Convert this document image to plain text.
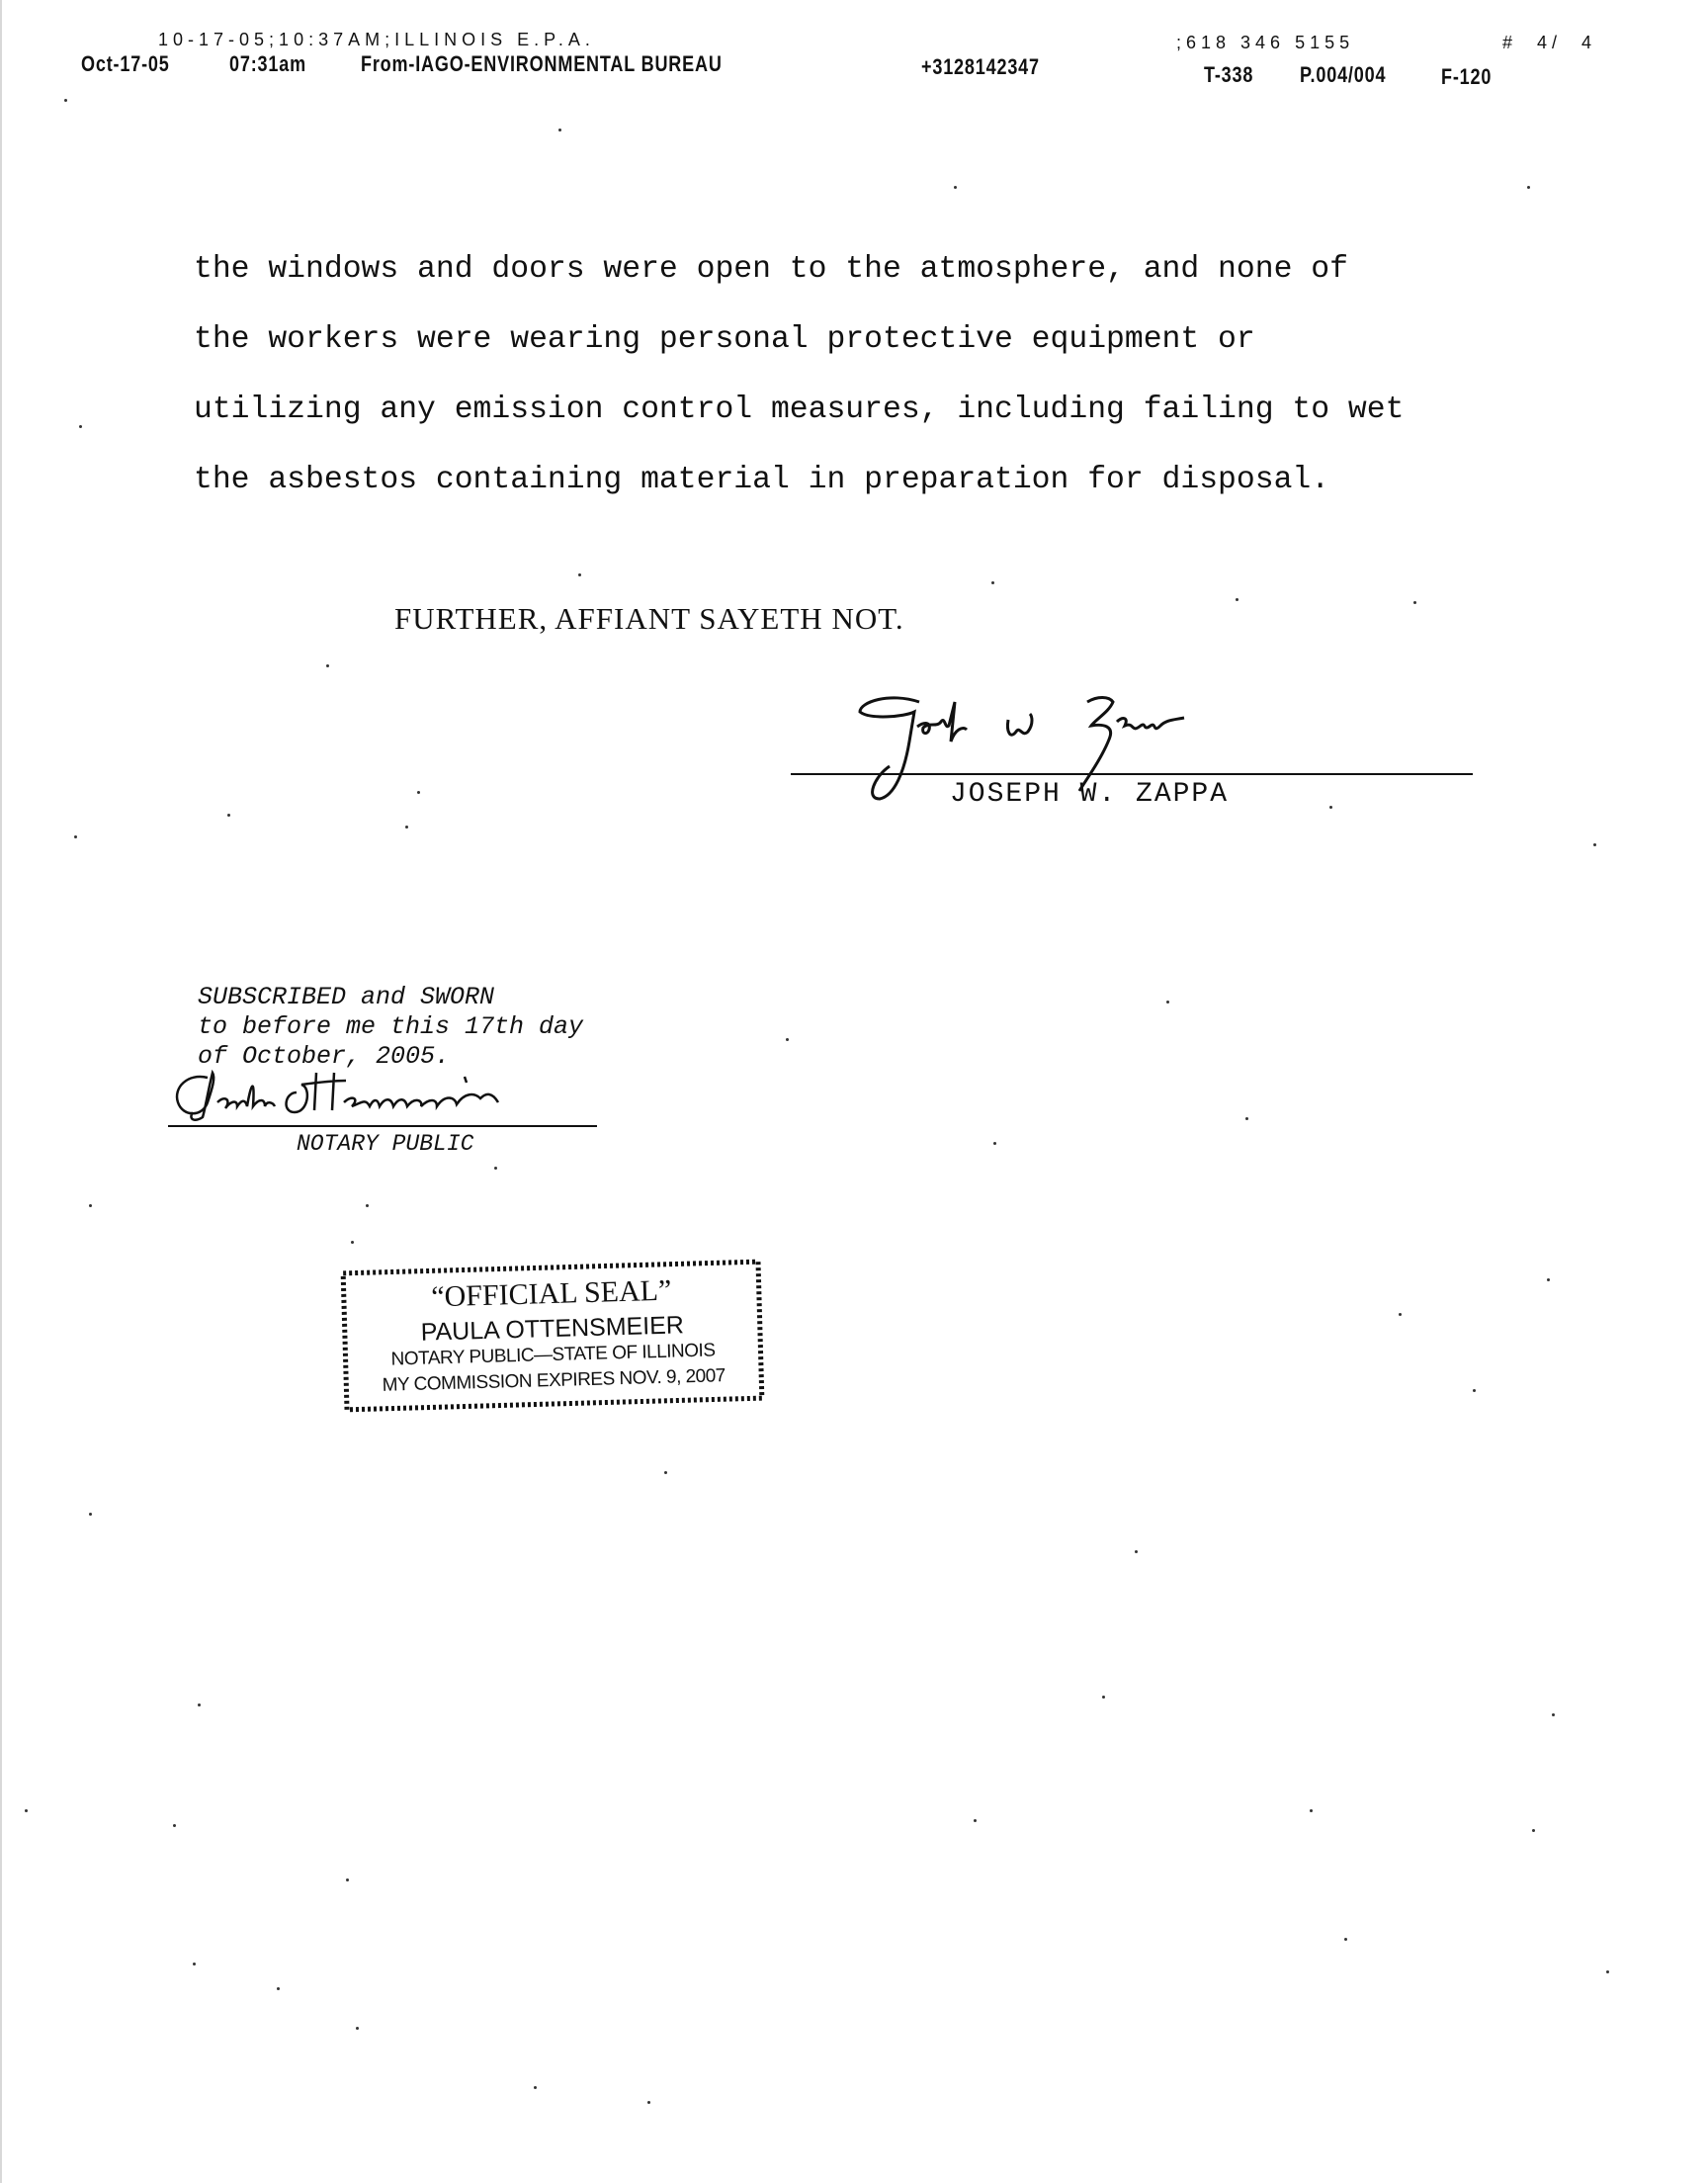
10-17-05;10:37AM;ILLINOIS E.P.A.	;618 346 5155	#  4/  4
Oct-17-05	07:31am	From-IAGO-ENVIRONMENTAL BUREAU	+3128142347	T-338 P.004/004	F-120
the windows and doors were open to the atmosphere, and none of
the workers were wearing personal protective equipment or
utilizing any emission control measures, including failing to wet
the asbestos containing material in preparation for disposal.
FURTHER, AFFIANT SAYETH NOT.
JOSEPH W. ZAPPA
SUBSCRIBED and SWORN
to before me this 17th day
of October, 2005.
NOTARY PUBLIC
“OFFICIAL SEAL”
PAULA OTTENSMEIER
NOTARY PUBLIC—STATE OF ILLINOIS
MY COMMISSION EXPIRES NOV. 9, 2007
